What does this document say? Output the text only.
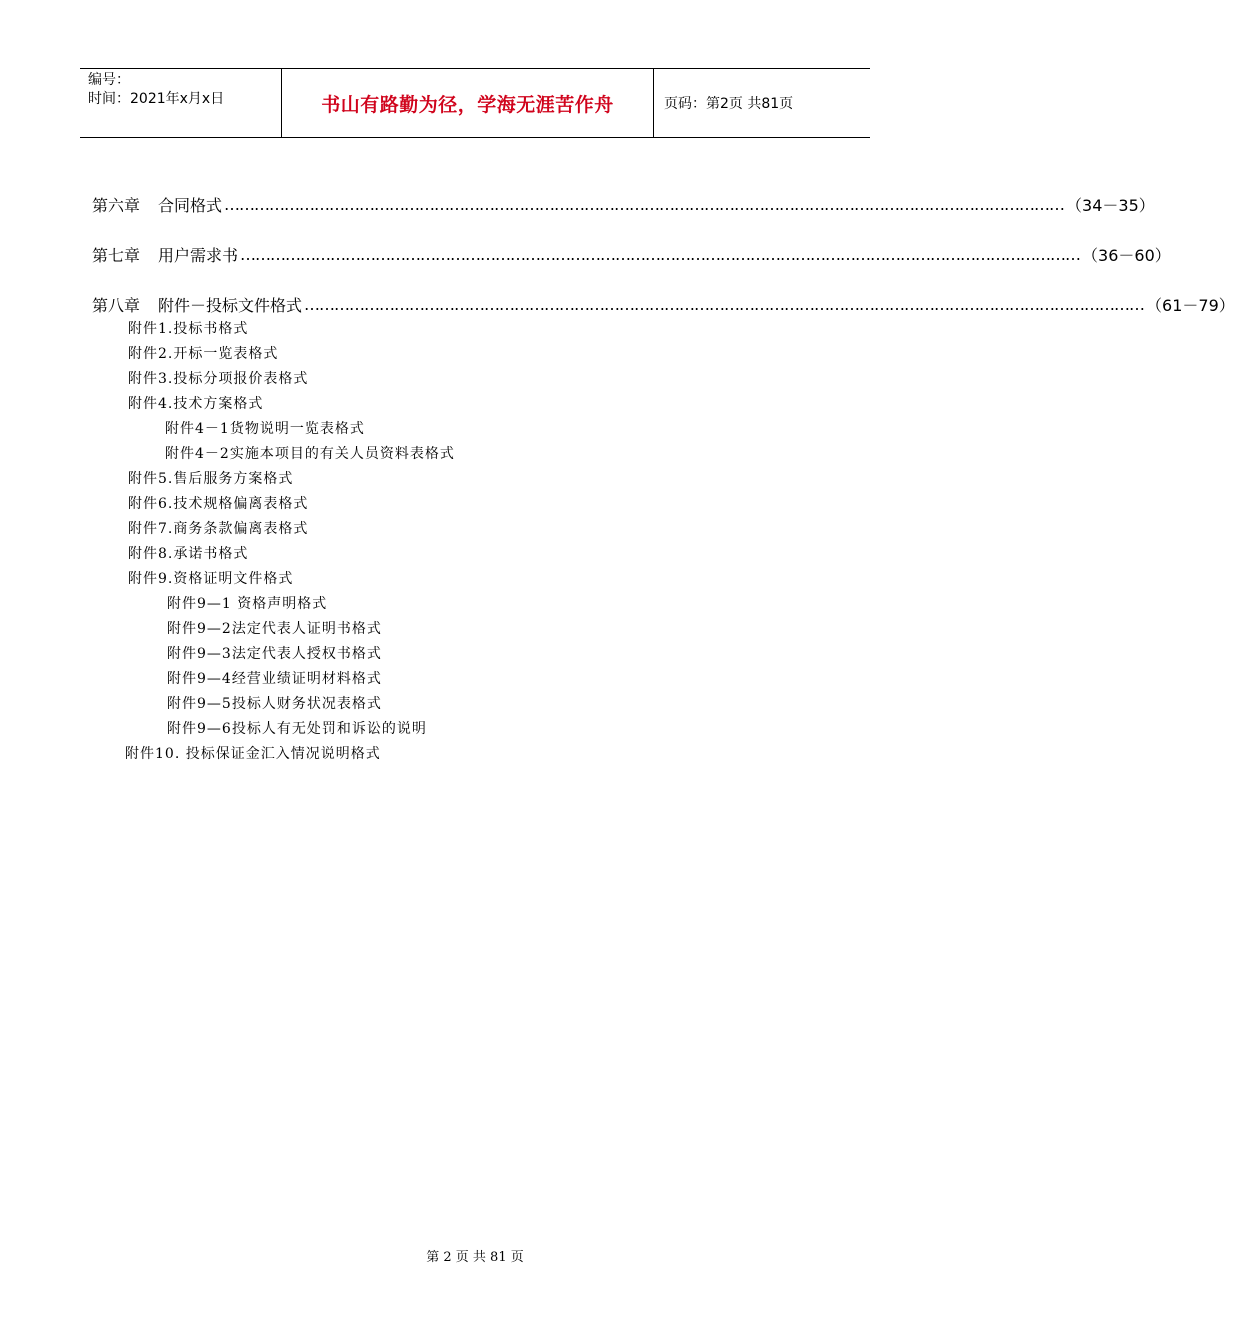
编号：
时间：2021年x月x日	书山有路勤为径，学海无涯苦作舟	页码：第2页 共81页
第六章 合同格式 …………………………………………………………………………………………………………………………………………………… （34－35）
第七章 用户需求书 …………………………………………………………………………………………………………………………………………………… （36－60）
第八章 附件－投标文件格式 …………………………………………………………………………………………………………………………………………………… （61－79）
附件1.投标书格式
附件2.开标一览表格式
附件3.投标分项报价表格式
附件4.技术方案格式
附件4－1货物说明一览表格式
附件4－2实施本项目的有关人员资料表格式
附件5.售后服务方案格式
附件6.技术规格偏离表格式
附件7.商务条款偏离表格式
附件8.承诺书格式
附件9.资格证明文件格式
附件9—1 资格声明格式
附件9—2法定代表人证明书格式
附件9—3法定代表人授权书格式
附件9—4经营业绩证明材料格式
附件9—5投标人财务状况表格式
附件9—6投标人有无处罚和诉讼的说明
附件10. 投标保证金汇入情况说明格式
第 2 页 共 81 页
